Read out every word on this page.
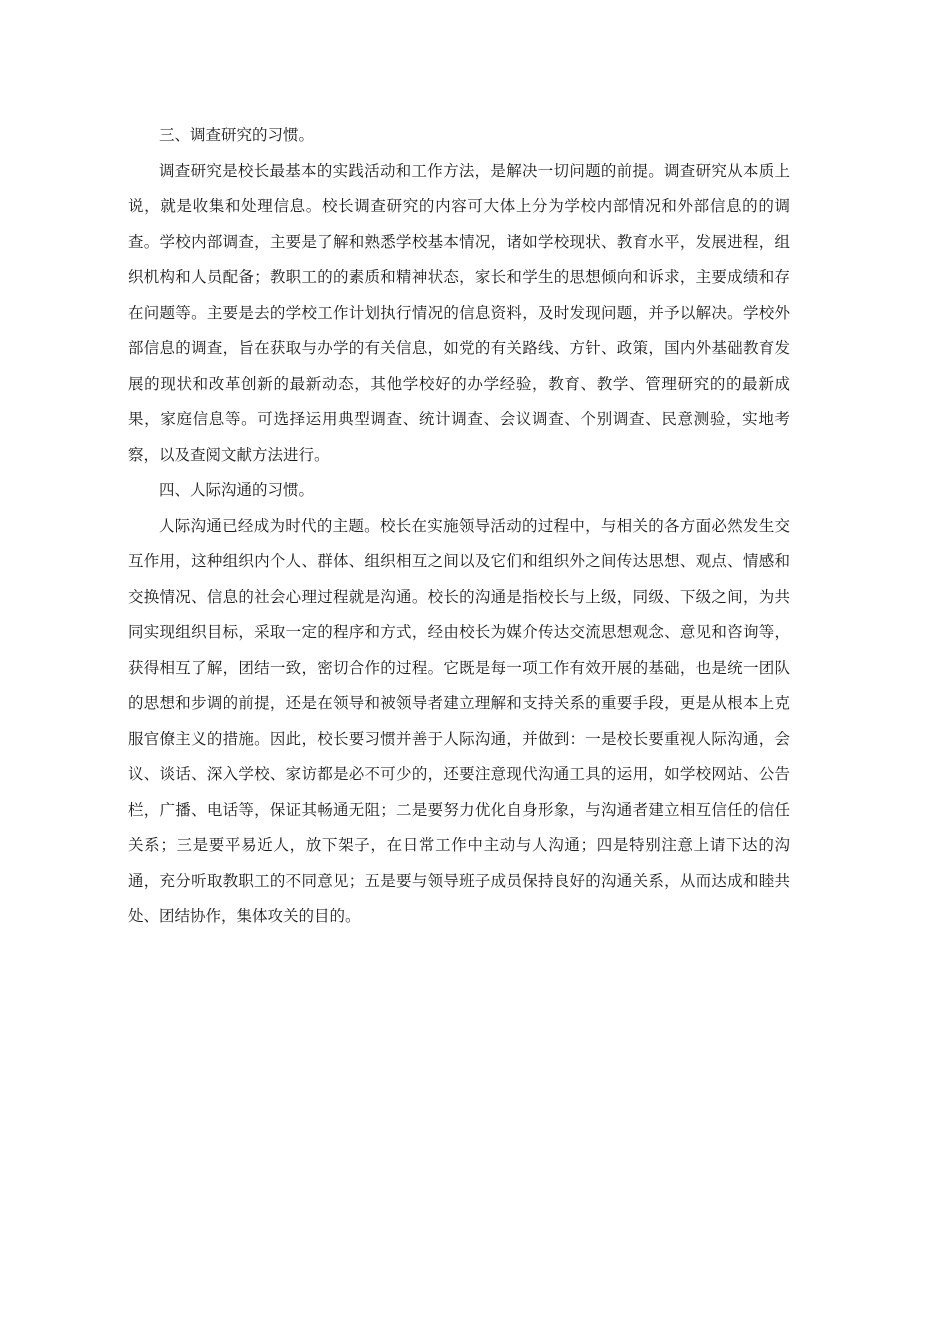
三、调查研究的习惯。

调查研究是校长最基本的实践活动和工作方法，是解决一切问题的前提。调查研究从本质上说，就是收集和处理信息。校长调查研究的内容可大体上分为学校内部情况和外部信息的的调查。学校内部调查，主要是了解和熟悉学校基本情况，诸如学校现状、教育水平，发展进程，组织机构和人员配备；教职工的的素质和精神状态，家长和学生的思想倾向和诉求，主要成绩和存在问题等。主要是去的学校工作计划执行情况的信息资料，及时发现问题，并予以解决。学校外部信息的调查，旨在获取与办学的有关信息，如党的有关路线、方针、政策，国内外基础教育发展的现状和改革创新的最新动态，其他学校好的办学经验，教育、教学、管理研究的的最新成果，家庭信息等。可选择运用典型调查、统计调查、会议调查、个别调查、民意测验，实地考察，以及查阅文献方法进行。

四、人际沟通的习惯。

人际沟通已经成为时代的主题。校长在实施领导活动的过程中，与相关的各方面必然发生交互作用，这种组织内个人、群体、组织相互之间以及它们和组织外之间传达思想、观点、情感和交换情况、信息的社会心理过程就是沟通。校长的沟通是指校长与上级，同级、下级之间，为共同实现组织目标，采取一定的程序和方式，经由校长为媒介传达交流思想观念、意见和咨询等，获得相互了解，团结一致，密切合作的过程。它既是每一项工作有效开展的基础，也是统一团队的思想和步调的前提，还是在领导和被领导者建立理解和支持关系的重要手段，更是从根本上克服官僚主义的措施。因此，校长要习惯并善于人际沟通，并做到：一是校长要重视人际沟通，会议、谈话、深入学校、家访都是必不可少的，还要注意现代沟通工具的运用，如学校网站、公告栏，广播、电话等，保证其畅通无阻；二是要努力优化自身形象，与沟通者建立相互信任的信任关系；三是要平易近人，放下架子，在日常工作中主动与人沟通；四是特别注意上请下达的沟通，充分听取教职工的不同意见；五是要与领导班子成员保持良好的沟通关系，从而达成和睦共处、团结协作，集体攻关的目的。
